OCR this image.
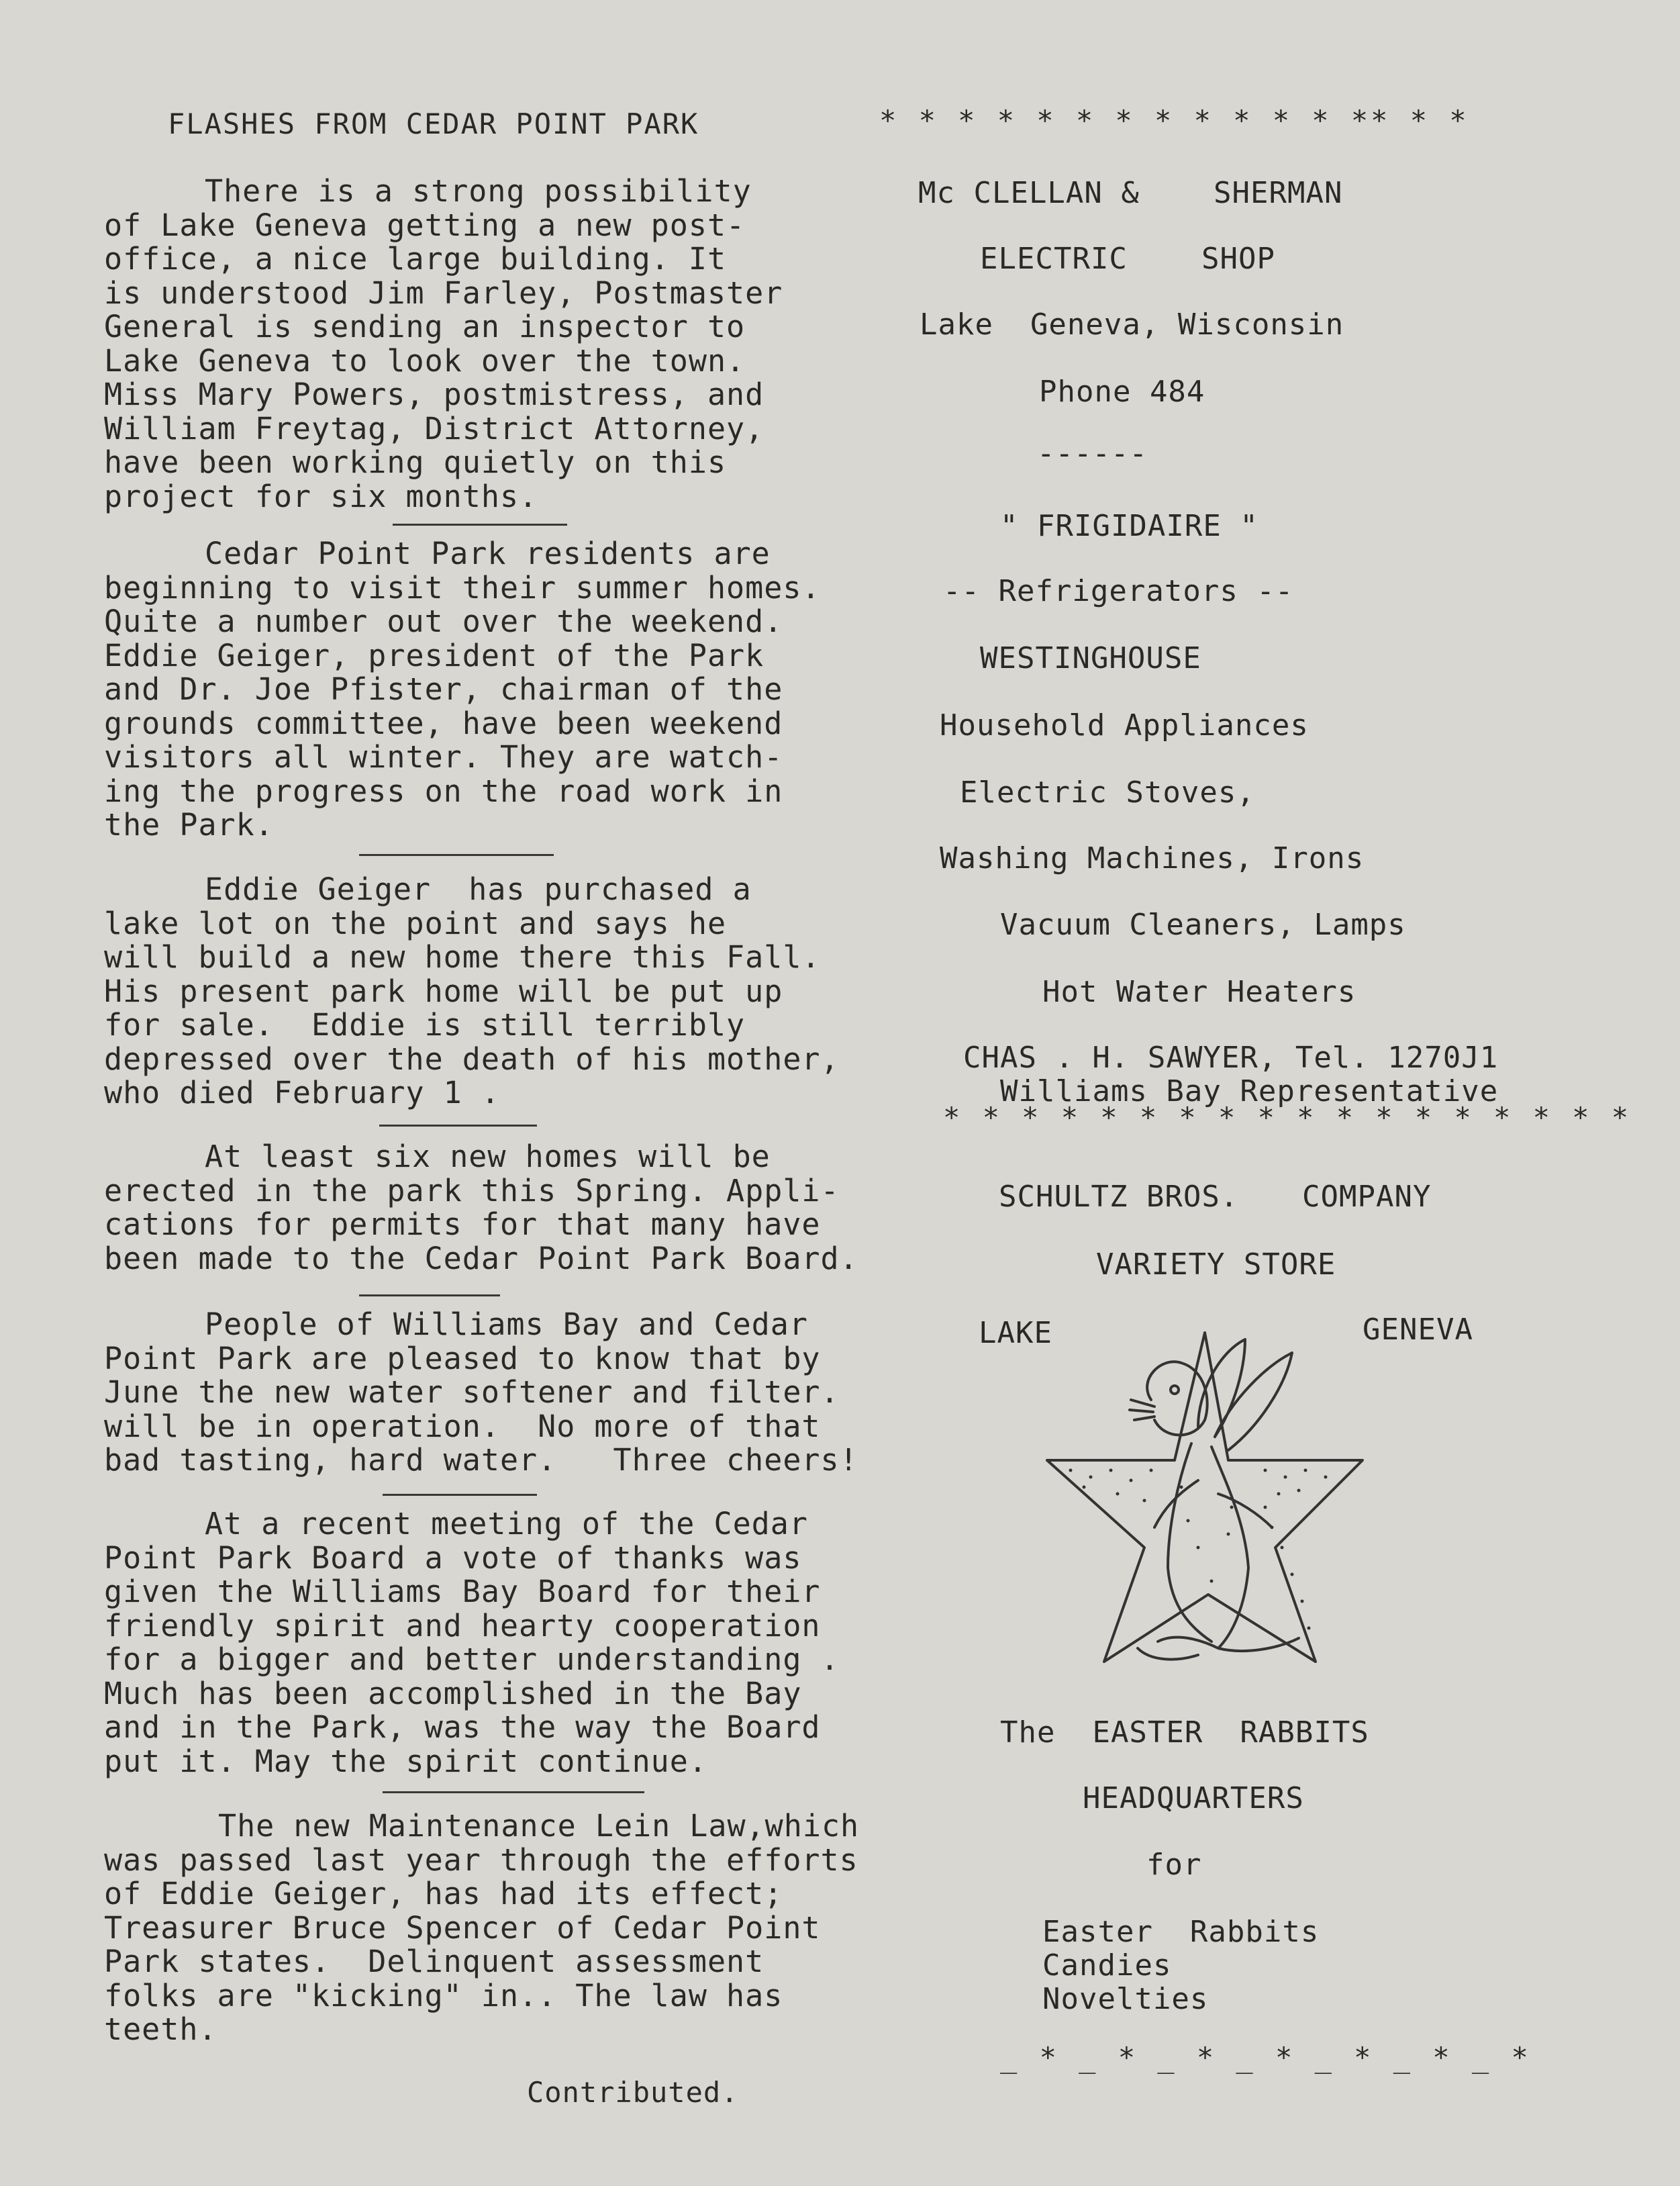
FLASHES FROM CEDAR POINT PARK
There is a strong possibility
of Lake Geneva getting a new post-
office, a nice large building. It
is understood Jim Farley, Postmaster
General is sending an inspector to
Lake Geneva to look over the town.
Miss Mary Powers, postmistress, and
William Freytag, District Attorney,
have been working quietly on this
project for six months.
Cedar Point Park residents are
beginning to visit their summer homes.
Quite a number out over the weekend.
Eddie Geiger, president of the Park
and Dr. Joe Pfister, chairman of the
grounds committee, have been weekend
visitors all winter. They are watch-
ing the progress on the road work in
the Park.
Eddie Geiger  has purchased a
lake lot on the point and says he
will build a new home there this Fall.
His present park home will be put up
for sale.  Eddie is still terribly
depressed over the death of his mother,
who died February 1 .
At least six new homes will be
erected in the park this Spring. Appli-
cations for permits for that many have
been made to the Cedar Point Park Board.
People of Williams Bay and Cedar
Point Park are pleased to know that by
June the new water softener and filter.
will be in operation.  No more of that
bad tasting, hard water.   Three cheers!
At a recent meeting of the Cedar
Point Park Board a vote of thanks was
given the Williams Bay Board for their
friendly spirit and hearty cooperation
for a bigger and better understanding .
Much has been accomplished in the Bay
and in the Park, was the way the Board
put it. May the spirit continue.
The new Maintenance Lein Law,which
was passed last year through the efforts
of Eddie Geiger, has had its effect;
Treasurer Bruce Spencer of Cedar Point
Park states.  Delinquent assessment
folks are "kicking" in.. The law has
teeth.
Contributed.
* * * * * * * * * * * * ** * *
Mc CLELLAN &	SHERMAN
ELECTRIC	SHOP
Lake  Geneva, Wisconsin
Phone 484
------
" FRIGIDAIRE "
-- Refrigerators --
WESTINGHOUSE
Household Appliances
Electric Stoves,
Washing Machines, Irons
Vacuum Cleaners, Lamps
Hot Water Heaters
CHAS . H. SAWYER, Tel. 1270J1
Williams Bay Representative
* * * * * * * * * * * * * * * * * *
SCHULTZ BROS. COMPANY
VARIETY STORE
LAKE	GENEVA
The  EASTER  RABBITS
HEADQUARTERS
for
Easter  Rabbits
Candies
Novelties
_ * _ * _ * _ * _ * _ * _ *
